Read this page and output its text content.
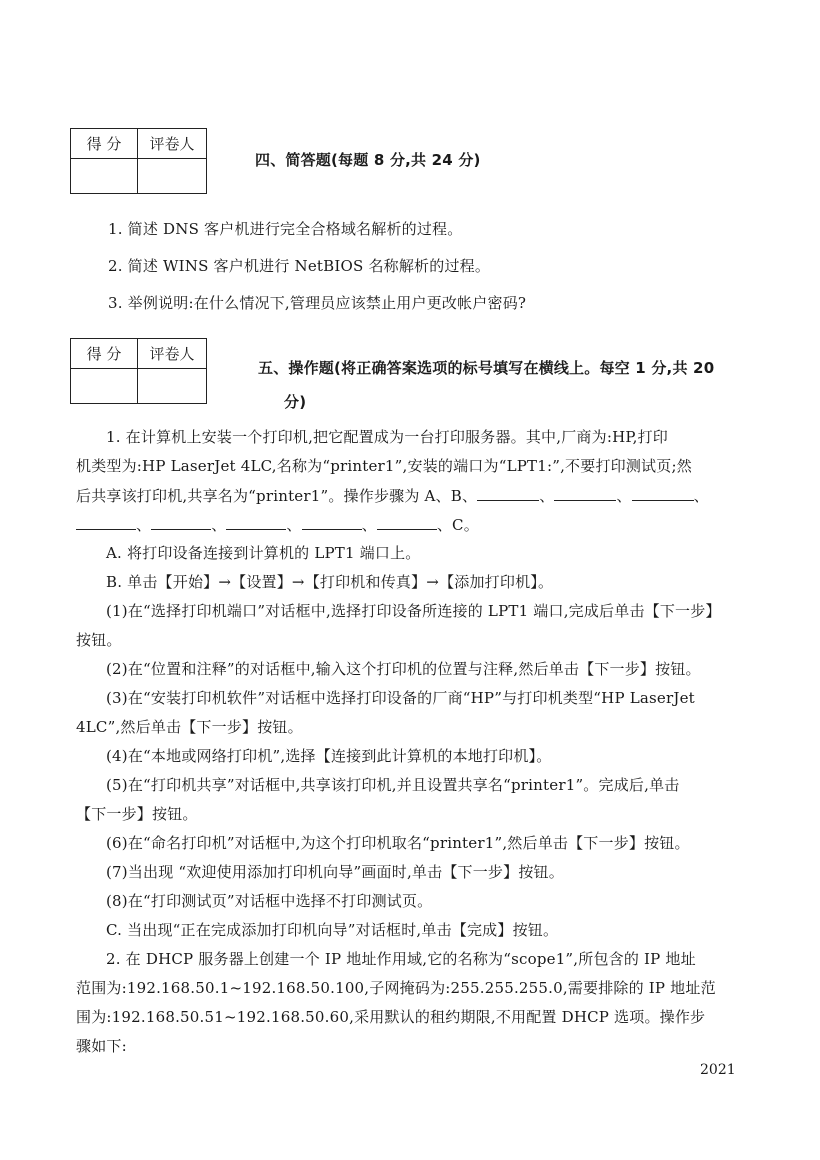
得 分	评卷人

四、简答题(每题 8 分,共 24 分)
1. 简述 DNS 客户机进行完全合格域名解析的过程。
2. 简述 WINS 客户机进行 NetBIOS 名称解析的过程。
3. 举例说明:在什么情况下,管理员应该禁止用户更改帐户密码?
得 分	评卷人

五、操作题(将正确答案选项的标号填写在横线上。每空 1 分,共 20
分)
1. 在计算机上安装一个打印机,把它配置成为一台打印服务器。其中,厂商为:HP,打印
机类型为:HP LaserJet 4LC,名称为“printer1”,安装的端口为“LPT1:”,不要打印测试页;然
后共享该打印机,共享名为“printer1”。操作步骤为 A、B、	、	、	、
、	、	、	、	、C。
A. 将打印设备连接到计算机的 LPT1 端口上。
B. 单击【开始】→【设置】→【打印机和传真】→【添加打印机】。
(1)在“选择打印机端口”对话框中,选择打印设备所连接的 LPT1 端口,完成后单击【下一步】
按钮。
(2)在“位置和注释”的对话框中,输入这个打印机的位置与注释,然后单击【下一步】按钮。
(3)在“安装打印机软件”对话框中选择打印设备的厂商“HP”与打印机类型“HP LaserJet
4LC”,然后单击【下一步】按钮。
(4)在“本地或网络打印机”,选择【连接到此计算机的本地打印机】。
(5)在“打印机共享”对话框中,共享该打印机,并且设置共享名“printer1”。完成后,单击
【下一步】按钮。
(6)在“命名打印机”对话框中,为这个打印机取名“printer1”,然后单击【下一步】按钮。
(7)当出现 “欢迎使用添加打印机向导”画面时,单击【下一步】按钮。
(8)在“打印测试页”对话框中选择不打印测试页。
C. 当出现“正在完成添加打印机向导”对话框时,单击【完成】按钮。
2. 在 DHCP 服务器上创建一个 IP 地址作用域,它的名称为“scope1”,所包含的 IP 地址
范围为:192.168.50.1~192.168.50.100,子网掩码为:255.255.255.0,需要排除的 IP 地址范
围为:192.168.50.51~192.168.50.60,采用默认的租约期限,不用配置 DHCP 选项。操作步
骤如下:
2021
